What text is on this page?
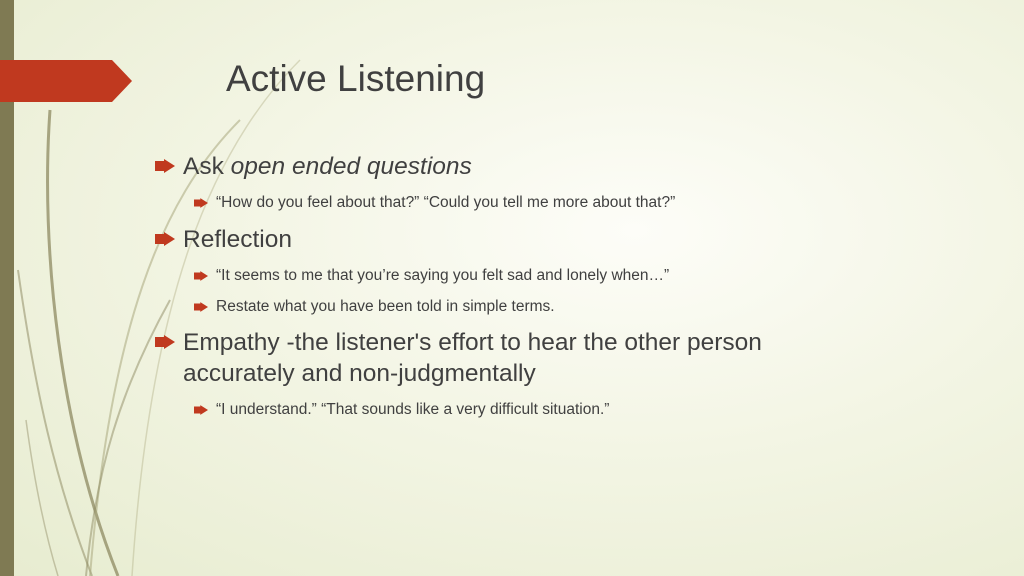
Active Listening
Ask open ended questions
“How do you feel about that?” “Could you tell me more about that?”
Reflection
“It seems to me that you’re saying you felt sad and lonely when…”
Restate what you have been told in simple terms.
Empathy -the listener's effort to hear the other person accurately and non-judgmentally
“I understand.” “That sounds like a very difficult situation.”
